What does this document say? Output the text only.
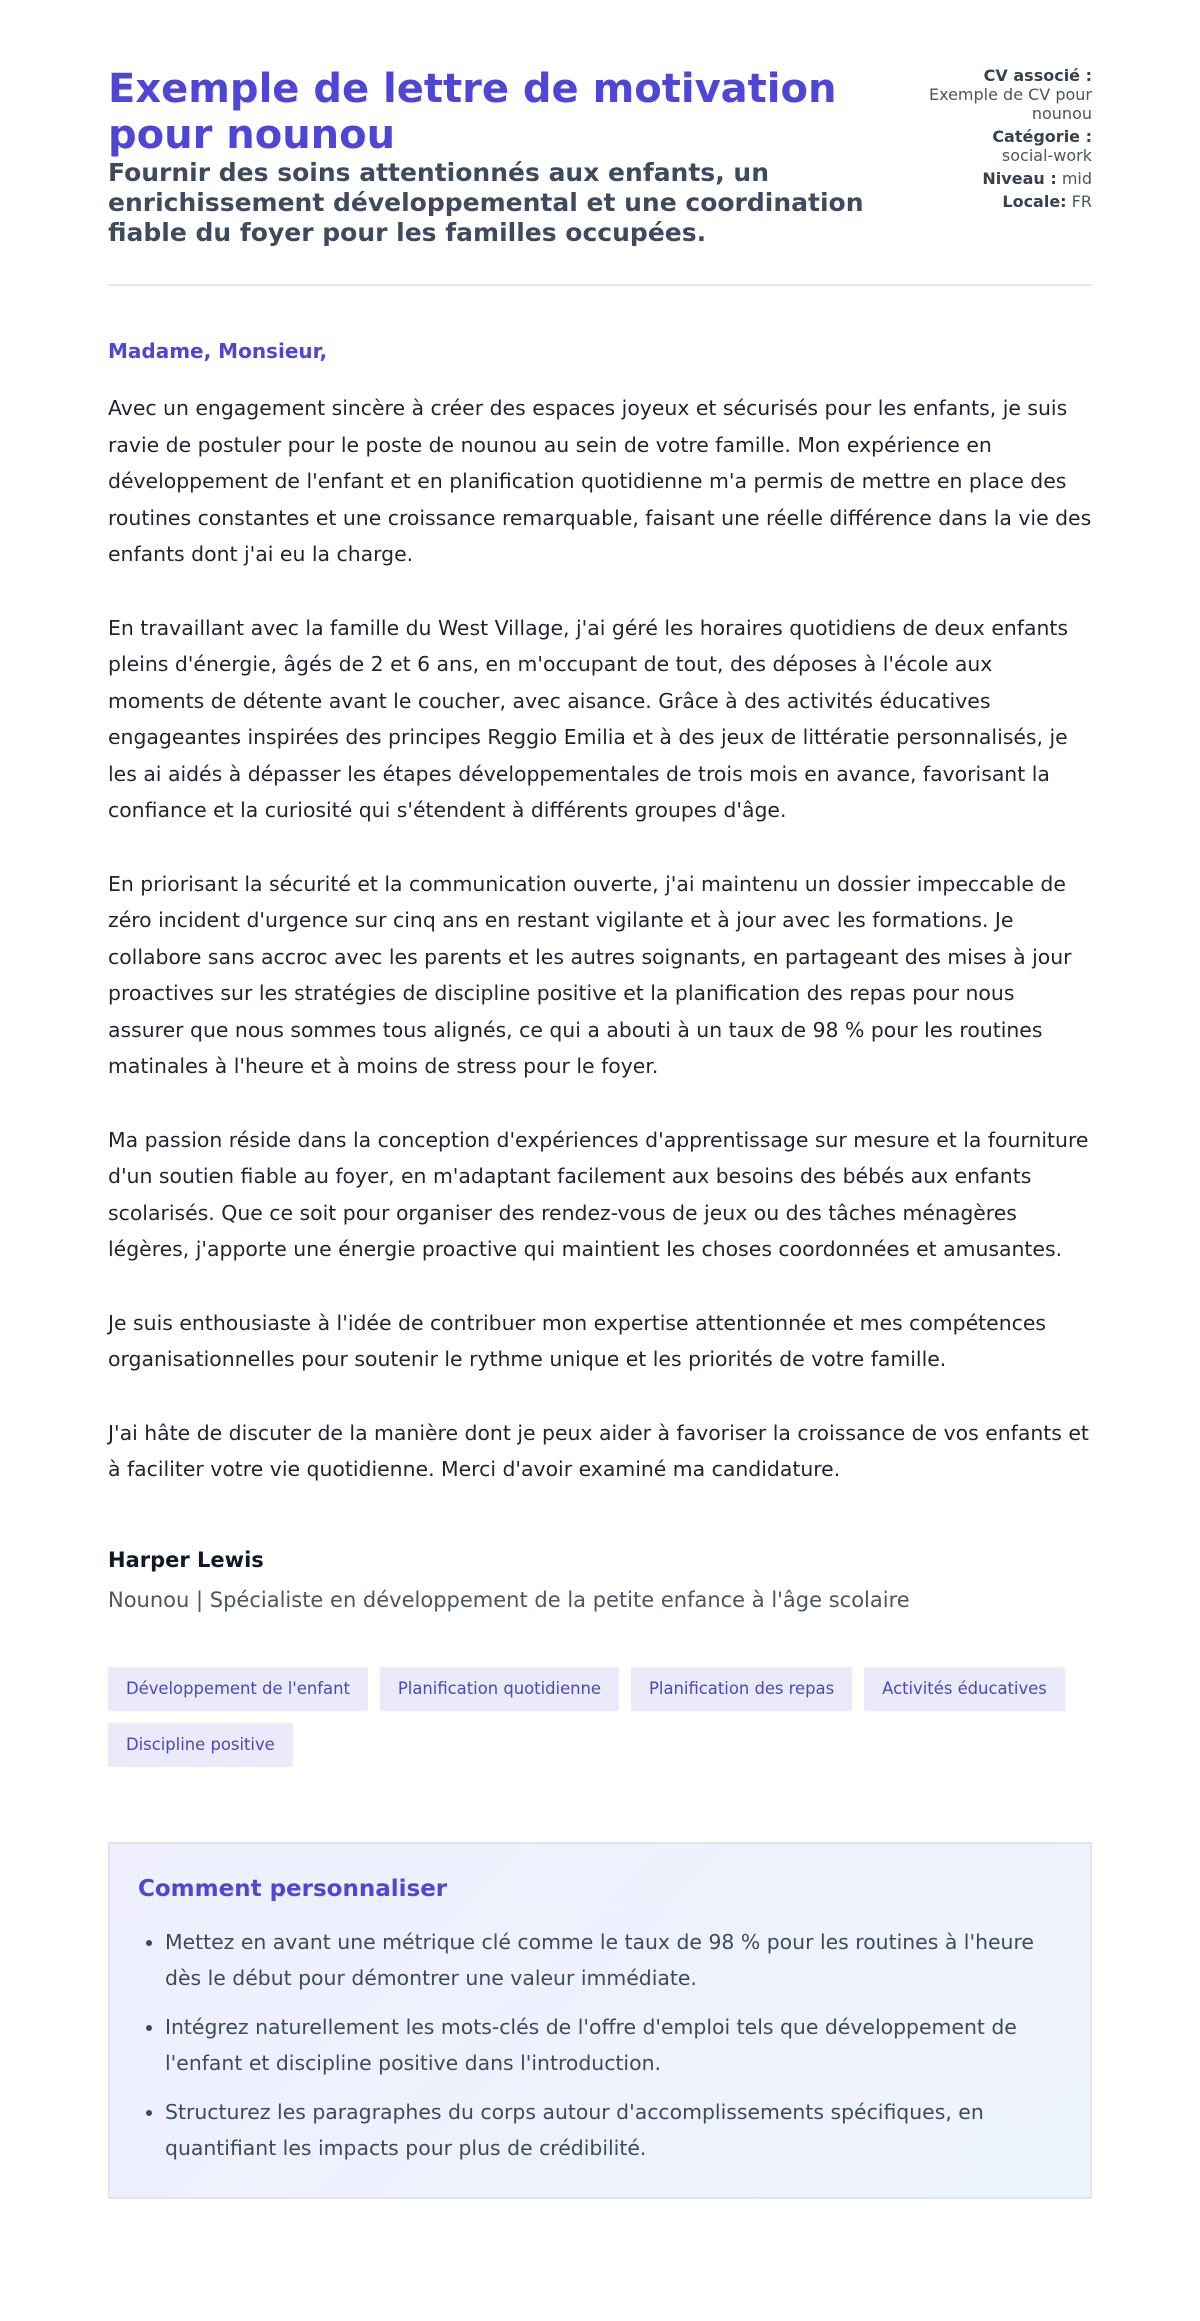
Exemple de lettre de motivation pour nounou
Fournir des soins attentionnés aux enfants, un enrichissement développemental et une coordination fiable du foyer pour les familles occupées.
CV associé :
Exemple de CV pour nounou
Catégorie :
social-work
Niveau : mid
Locale: FR
Madame, Monsieur,

Avec un engagement sincère à créer des espaces joyeux et sécurisés pour les enfants, je suis ravie de postuler pour le poste de nounou au sein de votre famille. Mon expérience en développement de l'enfant et en planification quotidienne m'a permis de mettre en place des routines constantes et une croissance remarquable, faisant une réelle différence dans la vie des enfants dont j'ai eu la charge.

En travaillant avec la famille du West Village, j'ai géré les horaires quotidiens de deux enfants pleins d'énergie, âgés de 2 et 6 ans, en m'occupant de tout, des déposes à l'école aux moments de détente avant le coucher, avec aisance. Grâce à des activités éducatives engageantes inspirées des principes Reggio Emilia et à des jeux de littératie personnalisés, je les ai aidés à dépasser les étapes développementales de trois mois en avance, favorisant la confiance et la curiosité qui s'étendent à différents groupes d'âge.

En priorisant la sécurité et la communication ouverte, j'ai maintenu un dossier impeccable de zéro incident d'urgence sur cinq ans en restant vigilante et à jour avec les formations. Je collabore sans accroc avec les parents et les autres soignants, en partageant des mises à jour proactives sur les stratégies de discipline positive et la planification des repas pour nous assurer que nous sommes tous alignés, ce qui a abouti à un taux de 98 % pour les routines matinales à l'heure et à moins de stress pour le foyer.

Ma passion réside dans la conception d'expériences d'apprentissage sur mesure et la fourniture d'un soutien fiable au foyer, en m'adaptant facilement aux besoins des bébés aux enfants scolarisés. Que ce soit pour organiser des rendez-vous de jeux ou des tâches ménagères légères, j'apporte une énergie proactive qui maintient les choses coordonnées et amusantes.

Je suis enthousiaste à l'idée de contribuer mon expertise attentionnée et mes compétences organisationnelles pour soutenir le rythme unique et les priorités de votre famille.

J'ai hâte de discuter de la manière dont je peux aider à favoriser la croissance de vos enfants et à faciliter votre vie quotidienne. Merci d'avoir examiné ma candidature.

Harper Lewis
Nounou | Spécialiste en développement de la petite enfance à l'âge scolaire
Développement de l'enfant	Planification quotidienne	Planification des repas	Activités éducatives
Discipline positive
Comment personnaliser
• Mettez en avant une métrique clé comme le taux de 98 % pour les routines à l'heure dès le début pour démontrer une valeur immédiate.
• Intégrez naturellement les mots-clés de l'offre d'emploi tels que développement de l'enfant et discipline positive dans l'introduction.
• Structurez les paragraphes du corps autour d'accomplissements spécifiques, en quantifiant les impacts pour plus de crédibilité.
